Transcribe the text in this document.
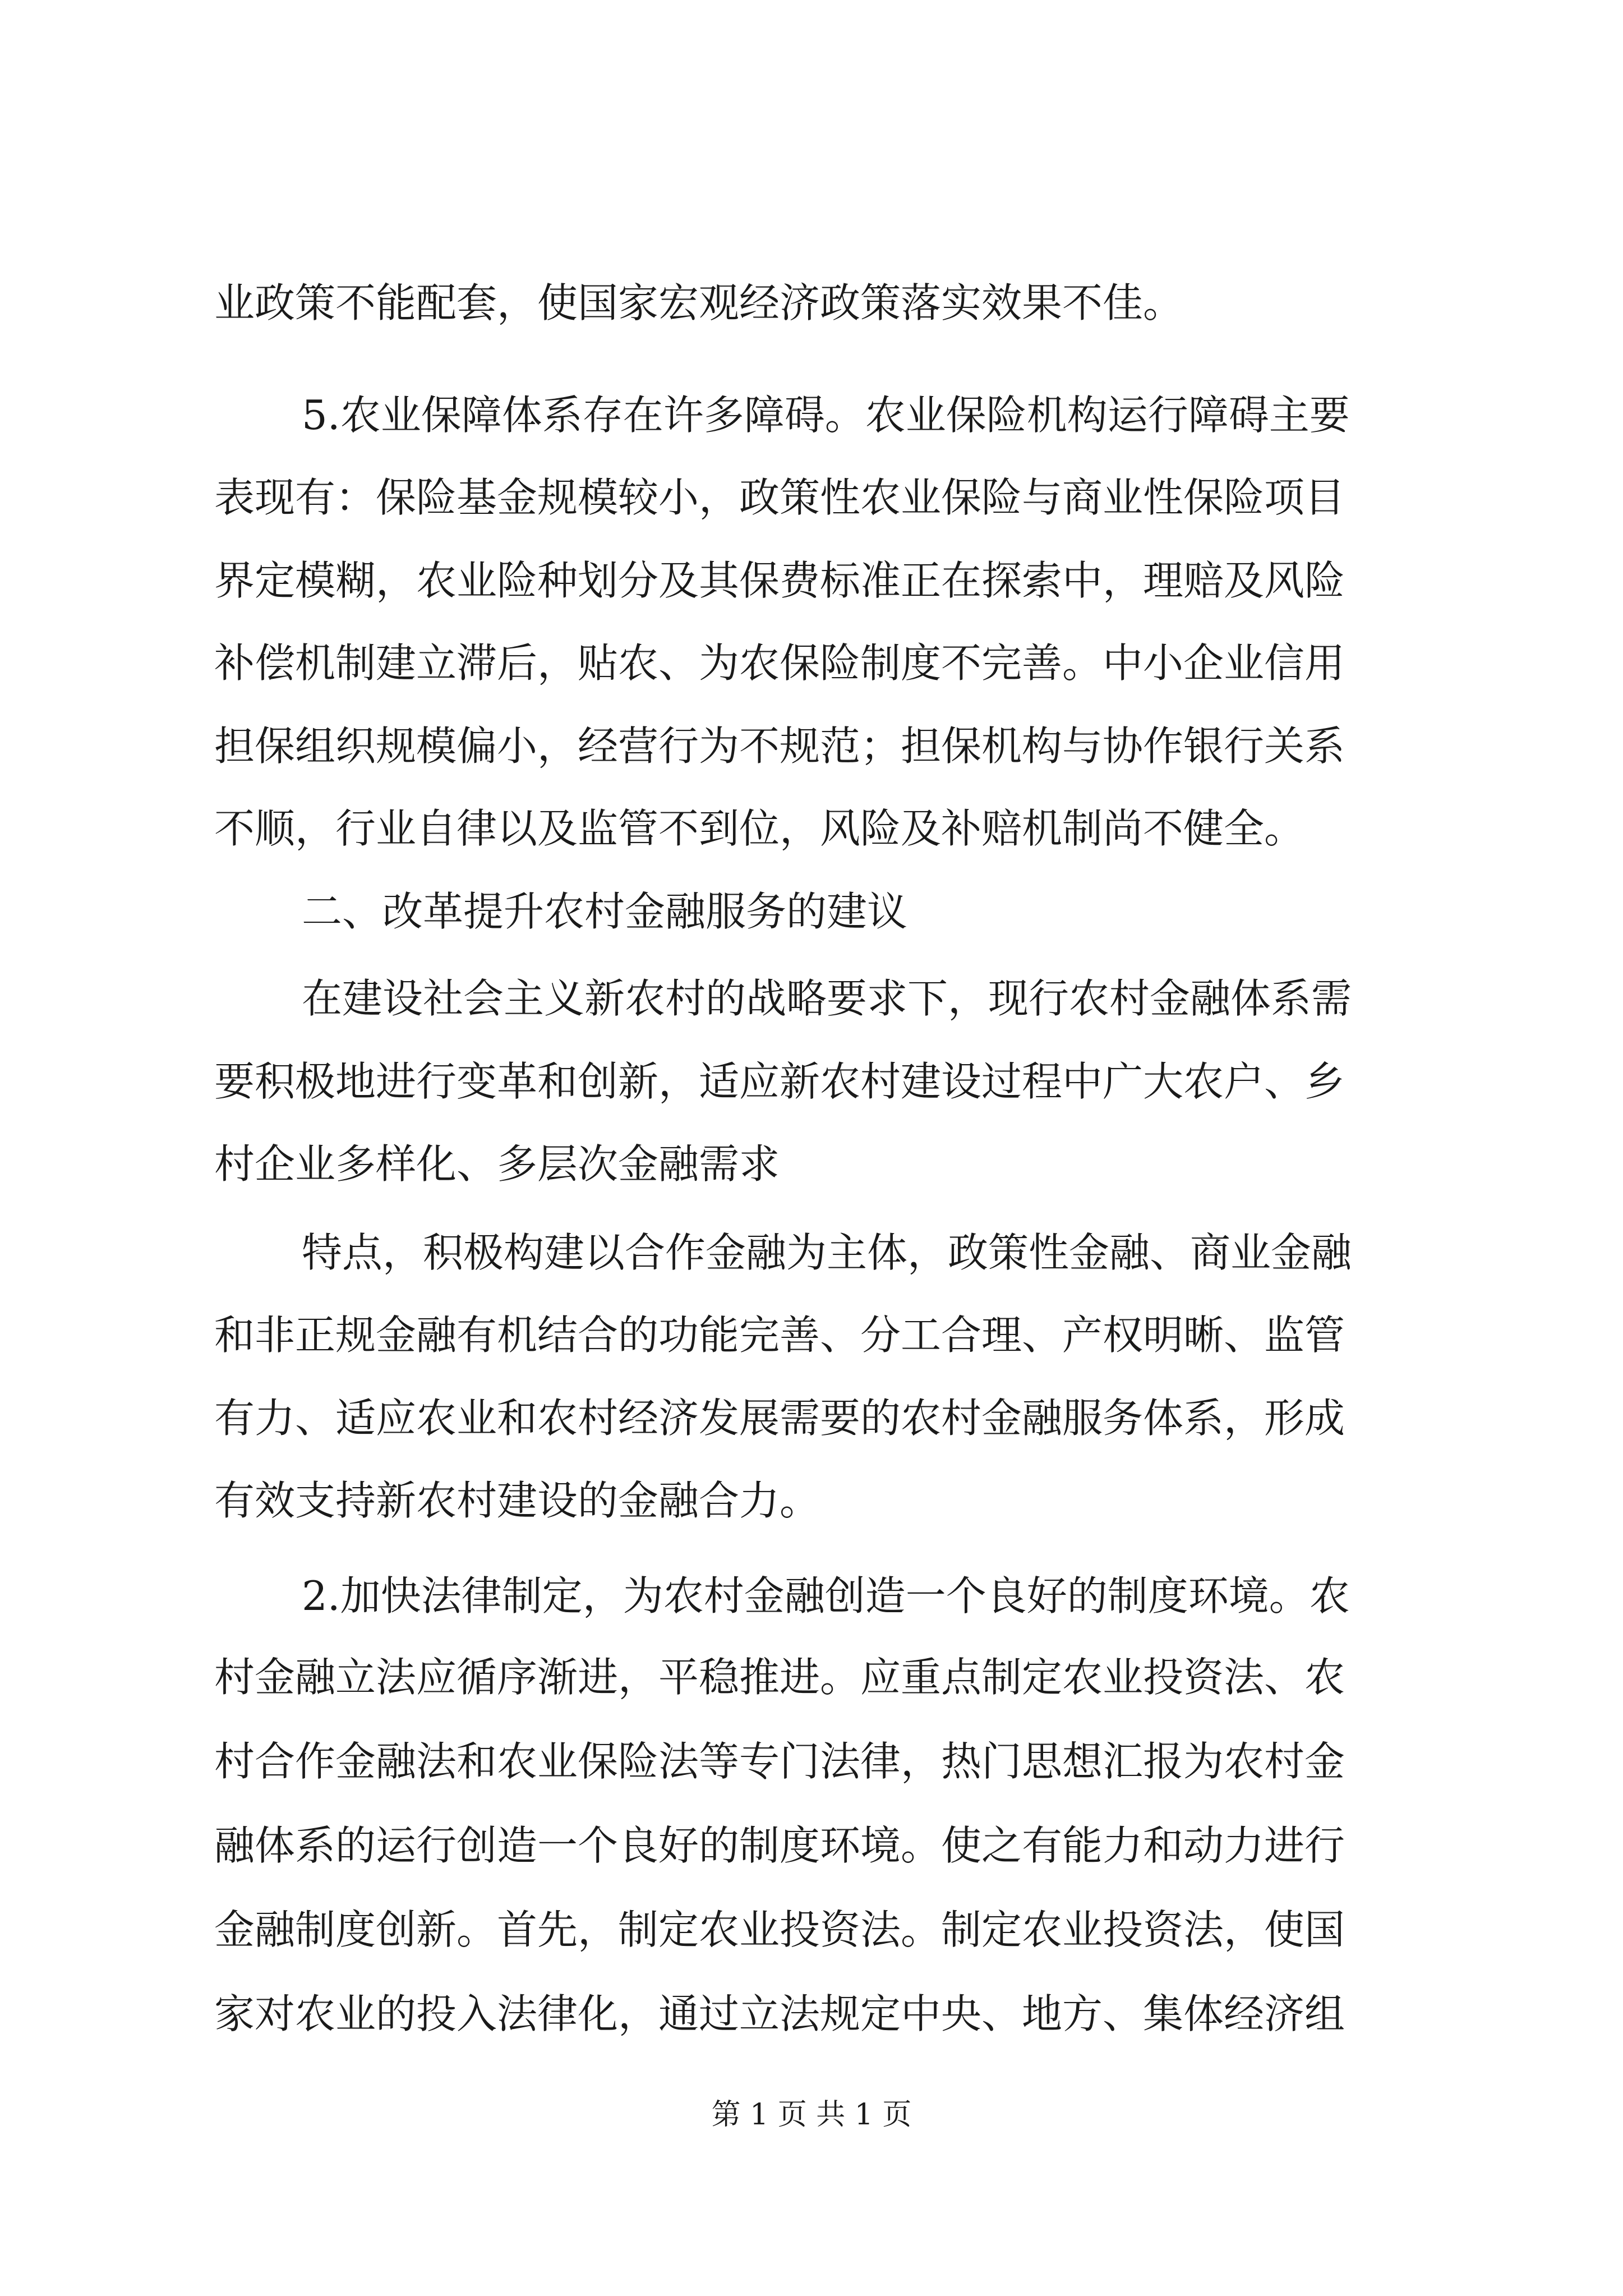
业政策不能配套，使国家宏观经济政策落实效果不佳。
5.农业保障体系存在许多障碍。农业保险机构运行障碍主要
表现有：保险基金规模较小，政策性农业保险与商业性保险项目
界定模糊，农业险种划分及其保费标准正在探索中，理赔及风险
补偿机制建立滞后，贴农、为农保险制度不完善。中小企业信用
担保组织规模偏小，经营行为不规范；担保机构与协作银行关系
不顺，行业自律以及监管不到位，风险及补赔机制尚不健全。
二、改革提升农村金融服务的建议
在建设社会主义新农村的战略要求下，现行农村金融体系需
要积极地进行变革和创新，适应新农村建设过程中广大农户、乡
村企业多样化、多层次金融需求
特点，积极构建以合作金融为主体，政策性金融、商业金融
和非正规金融有机结合的功能完善、分工合理、产权明晰、监管
有力、适应农业和农村经济发展需要的农村金融服务体系，形成
有效支持新农村建设的金融合力。
2.加快法律制定，为农村金融创造一个良好的制度环境。农
村金融立法应循序渐进，平稳推进。应重点制定农业投资法、农
村合作金融法和农业保险法等专门法律，热门思想汇报为农村金
融体系的运行创造一个良好的制度环境。使之有能力和动力进行
金融制度创新。首先，制定农业投资法。制定农业投资法，使国
家对农业的投入法律化，通过立法规定中央、地方、集体经济组
第 1 页 共 1 页
